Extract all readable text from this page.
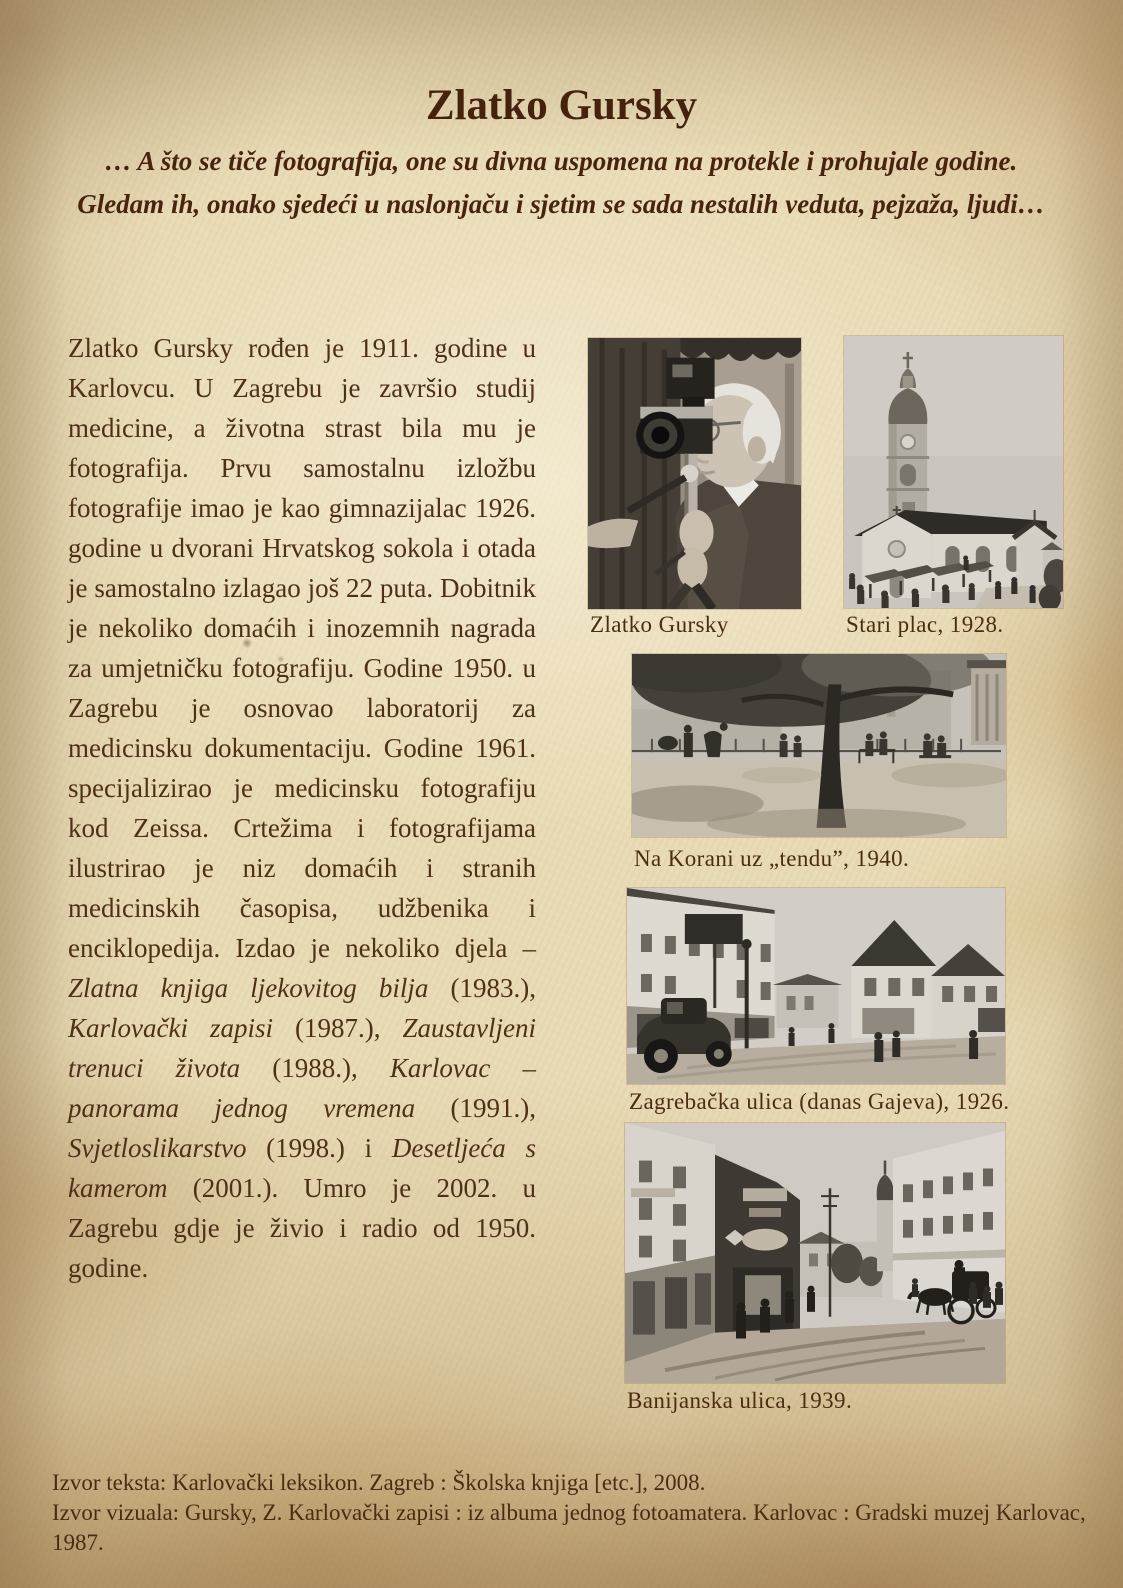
Zlatko Gursky
… A što se tiče fotografija, one su divna uspomena na protekle i prohujale godine. Gledam ih, onako sjedeći u naslonjaču i sjetim se sada nestalih veduta, pejzaža, ljudi…
Zlatko Gursky rođen je 1911. godine u Karlovcu. U Zagrebu je završio studij medicine, a životna strast bila mu je fotografija. Prvu samostalnu izložbu fotografije imao je kao gimnazijalac 1926. godine u dvorani Hrvatskog sokola i otada je samostalno izlagao još 22 puta. Dobitnik je nekoliko domaćih i inozemnih nagrada za umjetničku fotografiju. Godine 1950. u Zagrebu je osnovao laboratorij za medicinsku dokumentaciju. Godine 1961. specijalizirao je medicinsku fotografiju kod Zeissa. Crtežima i fotografijama ilustrirao je niz domaćih i stranih medicinskih časopisa, udžbenika i enciklopedija. Izdao je nekoliko djela – Zlatna knjiga ljekovitog bilja (1983.), Karlovački zapisi (1987.), Zaustavljeni trenuci života (1988.), Karlovac – panorama jednog vremena (1991.), Svjetloslikarstvo (1998.) i Desetljeća s kamerom (2001.). Umro je 2002. u Zagrebu gdje je živio i radio od 1950. godine.
Zlatko Gursky	Stari plac, 1928.
Na Korani uz „tendu”, 1940.
Zagrebačka ulica (danas Gajeva), 1926.
Banijanska ulica, 1939.

Izvor teksta: Karlovački leksikon. Zagreb : Školska knjiga [etc.], 2008.

Izvor vizuala: Gursky, Z. Karlovački zapisi : iz albuma jednog fotoamatera. Karlovac : Gradski muzej Karlovac, 1987.
